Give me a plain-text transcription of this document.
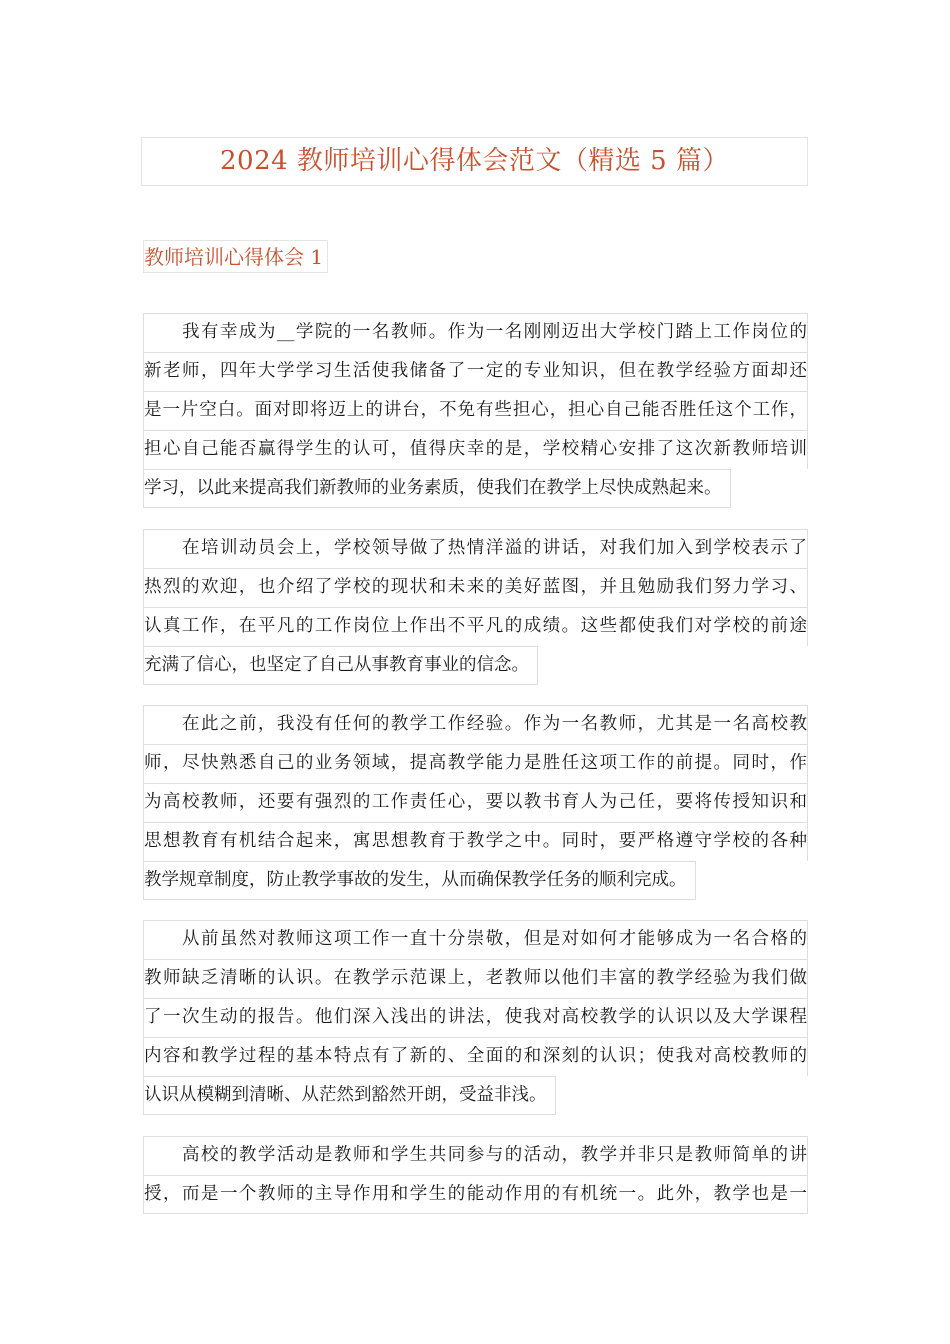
2024 教师培训心得体会范文（精选 5 篇）
教师培训心得体会 1
我有幸成为__学院的一名教师。作为一名刚刚迈出大学校门踏上工作岗位的
新老师，四年大学学习生活使我储备了一定的专业知识，但在教学经验方面却还
是一片空白。面对即将迈上的讲台，不免有些担心，担心自己能否胜任这个工作，
担心自己能否赢得学生的认可，值得庆幸的是，学校精心安排了这次新教师培训
学习，以此来提高我们新教师的业务素质，使我们在教学上尽快成熟起来。
在培训动员会上，学校领导做了热情洋溢的讲话，对我们加入到学校表示了
热烈的欢迎，也介绍了学校的现状和未来的美好蓝图，并且勉励我们努力学习、
认真工作，在平凡的工作岗位上作出不平凡的成绩。这些都使我们对学校的前途
充满了信心，也坚定了自己从事教育事业的信念。
在此之前，我没有任何的教学工作经验。作为一名教师，尤其是一名高校教
师，尽快熟悉自己的业务领域，提高教学能力是胜任这项工作的前提。同时，作
为高校教师，还要有强烈的工作责任心，要以教书育人为己任，要将传授知识和
思想教育有机结合起来，寓思想教育于教学之中。同时，要严格遵守学校的各种
教学规章制度，防止教学事故的发生，从而确保教学任务的顺利完成。
从前虽然对教师这项工作一直十分崇敬，但是对如何才能够成为一名合格的
教师缺乏清晰的认识。在教学示范课上，老教师以他们丰富的教学经验为我们做
了一次生动的报告。他们深入浅出的讲法，使我对高校教学的认识以及大学课程
内容和教学过程的基本特点有了新的、全面的和深刻的认识；使我对高校教师的
认识从模糊到清晰、从茫然到豁然开朗，受益非浅。
高校的教学活动是教师和学生共同参与的活动，教学并非只是教师简单的讲
授，而是一个教师的主导作用和学生的能动作用的有机统一。此外，教学也是一
